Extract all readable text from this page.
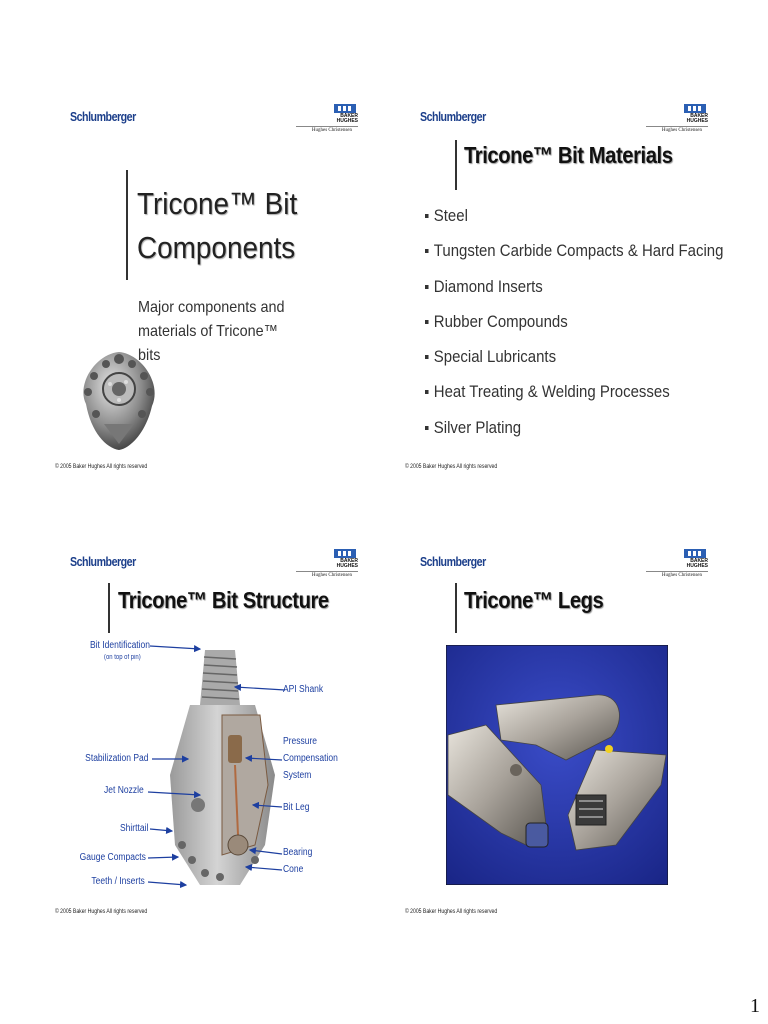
Schlumberger	BAKER
HUGHES
Hughes Christensen
Tricone™ Bit
Components
Major components and materials of Tricone™ bits
© 2005 Baker Hughes All rights reserved
Schlumberger	BAKER
HUGHES
Hughes Christensen
Tricone™ Bit Materials
Steel
Tungsten Carbide Compacts & Hard Facing
Diamond Inserts
Rubber Compounds
Special Lubricants
Heat Treating & Welding Processes
Silver Plating
© 2005 Baker Hughes All rights reserved
Schlumberger	BAKER
HUGHES
Hughes Christensen
Tricone™ Bit Structure
Bit Identification
(on top of pin)
API Shank
Pressure
Compensation
System
Stabilization Pad
Jet Nozzle
Bit Leg
Shirttail
Bearing
Gauge Compacts
Cone
Teeth / Inserts
© 2005 Baker Hughes All rights reserved
Schlumberger	BAKER
HUGHES
Hughes Christensen
Tricone™ Legs
© 2005 Baker Hughes All rights reserved
1
